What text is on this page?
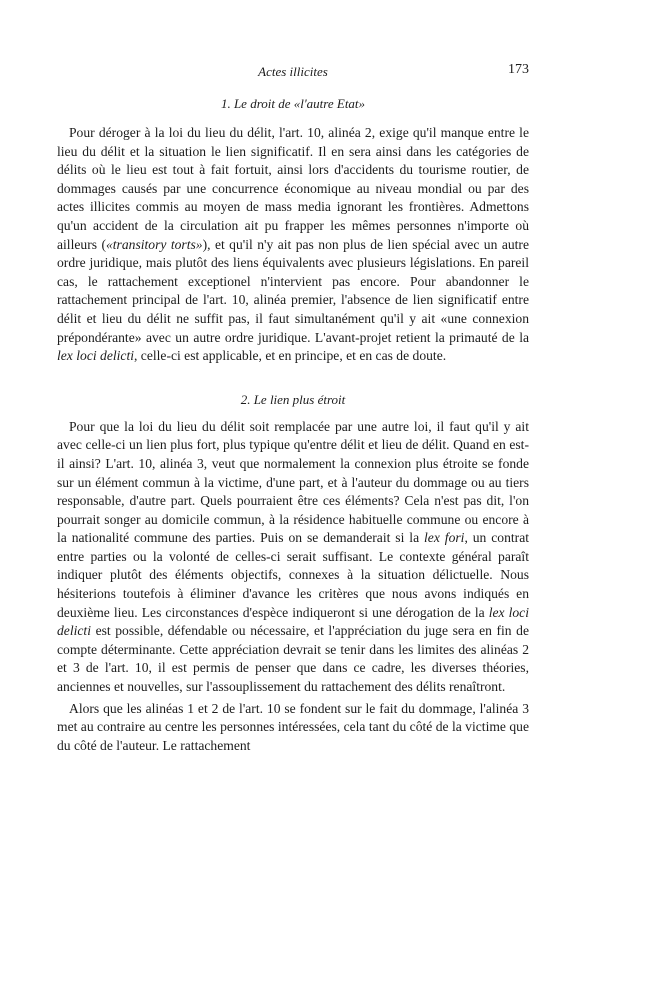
Actes illicites	173
1. Le droit de «l'autre Etat»

Pour déroger à la loi du lieu du délit, l'art. 10, alinéa 2, exige qu'il manque entre le lieu du délit et la situation le lien significatif. Il en sera ainsi dans les catégories de délits où le lieu est tout à fait fortuit, ainsi lors d'accidents du tourisme routier, de dommages causés par une concurrence économique au niveau mondial ou par des actes illicites commis au moyen de mass media ignorant les frontières. Admettons qu'un accident de la circulation ait pu frapper les mêmes personnes n'importe où ailleurs («transitory torts»), et qu'il n'y ait pas non plus de lien spécial avec un autre ordre juridique, mais plutôt des liens équivalents avec plusieurs législations. En pareil cas, le rattachement exceptionel n'intervient pas encore. Pour abandonner le rattachement principal de l'art. 10, alinéa premier, l'absence de lien significatif entre délit et lieu du délit ne suffit pas, il faut simultanément qu'il y ait «une connexion prépondérante» avec un autre ordre juridique. L'avant-projet retient la primauté de la lex loci delicti, celle-ci est applicable, et en principe, et en cas de doute.

2. Le lien plus étroit

Pour que la loi du lieu du délit soit remplacée par une autre loi, il faut qu'il y ait avec celle-ci un lien plus fort, plus typique qu'entre délit et lieu de délit. Quand en est-il ainsi? L'art. 10, alinéa 3, veut que normalement la connexion plus étroite se fonde sur un élément commun à la victime, d'une part, et à l'auteur du dommage ou au tiers responsable, d'autre part. Quels pourraient être ces éléments? Cela n'est pas dit, l'on pourrait songer au domicile commun, à la résidence habituelle commune ou encore à la nationalité commune des parties. Puis on se demanderait si la lex fori, un contrat entre parties ou la volonté de celles-ci serait suffisant. Le contexte général paraît indiquer plutôt des éléments objectifs, connexes à la situation délictuelle. Nous hésiterions toutefois à éliminer d'avance les critères que nous avons indiqués en deuxième lieu. Les circonstances d'espèce indiqueront si une dérogation de la lex loci delicti est possible, défendable ou nécessaire, et l'appréciation du juge sera en fin de compte déterminante. Cette appréciation devrait se tenir dans les limites des alinéas 2 et 3 de l'art. 10, il est permis de penser que dans ce cadre, les diverses théories, anciennes et nouvelles, sur l'assouplissement du rattachement des délits renaîtront.

Alors que les alinéas 1 et 2 de l'art. 10 se fondent sur le fait du dommage, l'alinéa 3 met au contraire au centre les personnes intéressées, cela tant du côté de la victime que du côté de l'auteur. Le rattachement
